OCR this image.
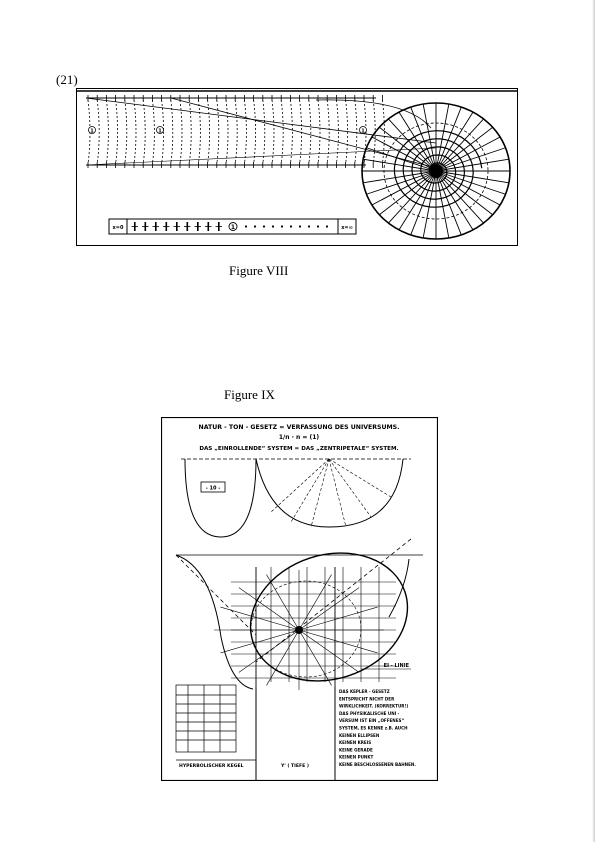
(21)
1	1	1
x=0	x=∞
1
Figure VIII
Figure IX
NATUR - TON - GESETZ = VERFASSUNG DES UNIVERSUMS.
1/n · n = (1)
DAS „EINROLLENDE“ SYSTEM = DAS „ZENTRIPETALE“ SYSTEM.
- 10 -
EI - LINIE
HYPERBOLISCHER KEGEL	Y' ( TIEFE )
DAS KEPLER - GESETZ
ENTSPRICHT NICHT DER
WIRKLICHKEIT. (KORREKTUR!)
DAS PHYSIKALISCHE UNI -
VERSUM IST EIN „OFFENES“
SYSTEM, ES KENNE z.B. AUCH
KEINEN ELLIPSEN
KEINEN KREIS
KEINE GERADE
KEINEN PUNKT
KEINE BESCHLOSSENEN BAHNEN.
